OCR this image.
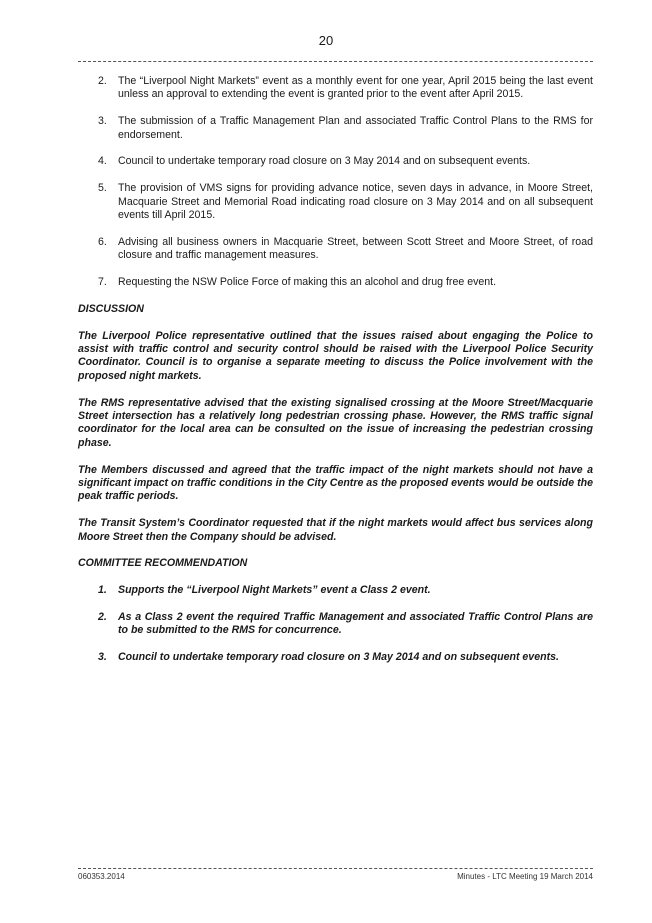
20
2. The “Liverpool Night Markets” event as a monthly event for one year, April 2015 being the last event unless an approval to extending the event is granted prior to the event after April 2015.
3. The submission of a Traffic Management Plan and associated Traffic Control Plans to the RMS for endorsement.
4. Council to undertake temporary road closure on 3 May 2014 and on subsequent events.
5. The provision of VMS signs for providing advance notice, seven days in advance, in Moore Street, Macquarie Street and Memorial Road indicating road closure on 3 May 2014 and on all subsequent events till April 2015.
6. Advising all business owners in Macquarie Street, between Scott Street and Moore Street, of road closure and traffic management measures.
7. Requesting the NSW Police Force of making this an alcohol and drug free event.
DISCUSSION

The Liverpool Police representative outlined that the issues raised about engaging the Police to assist with traffic control and security control should be raised with the Liverpool Police Security Coordinator. Council is to organise a separate meeting to discuss the Police involvement with the proposed night markets.

The RMS representative advised that the existing signalised crossing at the Moore Street/Macquarie Street intersection has a relatively long pedestrian crossing phase. However, the RMS traffic signal coordinator for the local area can be consulted on the issue of increasing the pedestrian crossing phase.

The Members discussed and agreed that the traffic impact of the night markets should not have a significant impact on traffic conditions in the City Centre as the proposed events would be outside the peak traffic periods.

The Transit System’s Coordinator requested that if the night markets would affect bus services along Moore Street then the Company should be advised.

COMMITTEE RECOMMENDATION
1. Supports the “Liverpool Night Markets” event a Class 2 event.
2. As a Class 2 event the required Traffic Management and associated Traffic Control Plans are to be submitted to the RMS for concurrence.
3. Council to undertake temporary road closure on 3 May 2014 and on subsequent events.
060353.2014	Minutes - LTC Meeting 19 March 2014
